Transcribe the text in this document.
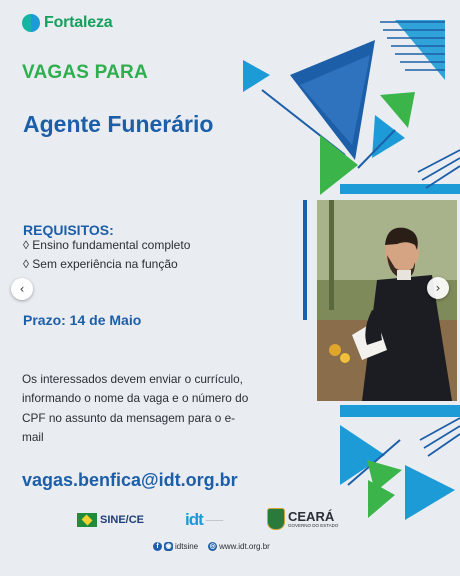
Fortaleza
VAGAS PARA
Agente Funerário
REQUISITOS:
◊ Ensino fundamental completo
◊ Sem experiência na função
Prazo: 14 de Maio
Os interessados devem enviar o currículo, informando o nome da vaga e o número do CPF no assunto da mensagem para o e-mail
vagas.benfica@idt.org.br
SINE/CE idt —————	CEARÁ
GOVERNO DO ESTADO
f ◉ idtsine ◎ www.idt.org.br
‹	›
